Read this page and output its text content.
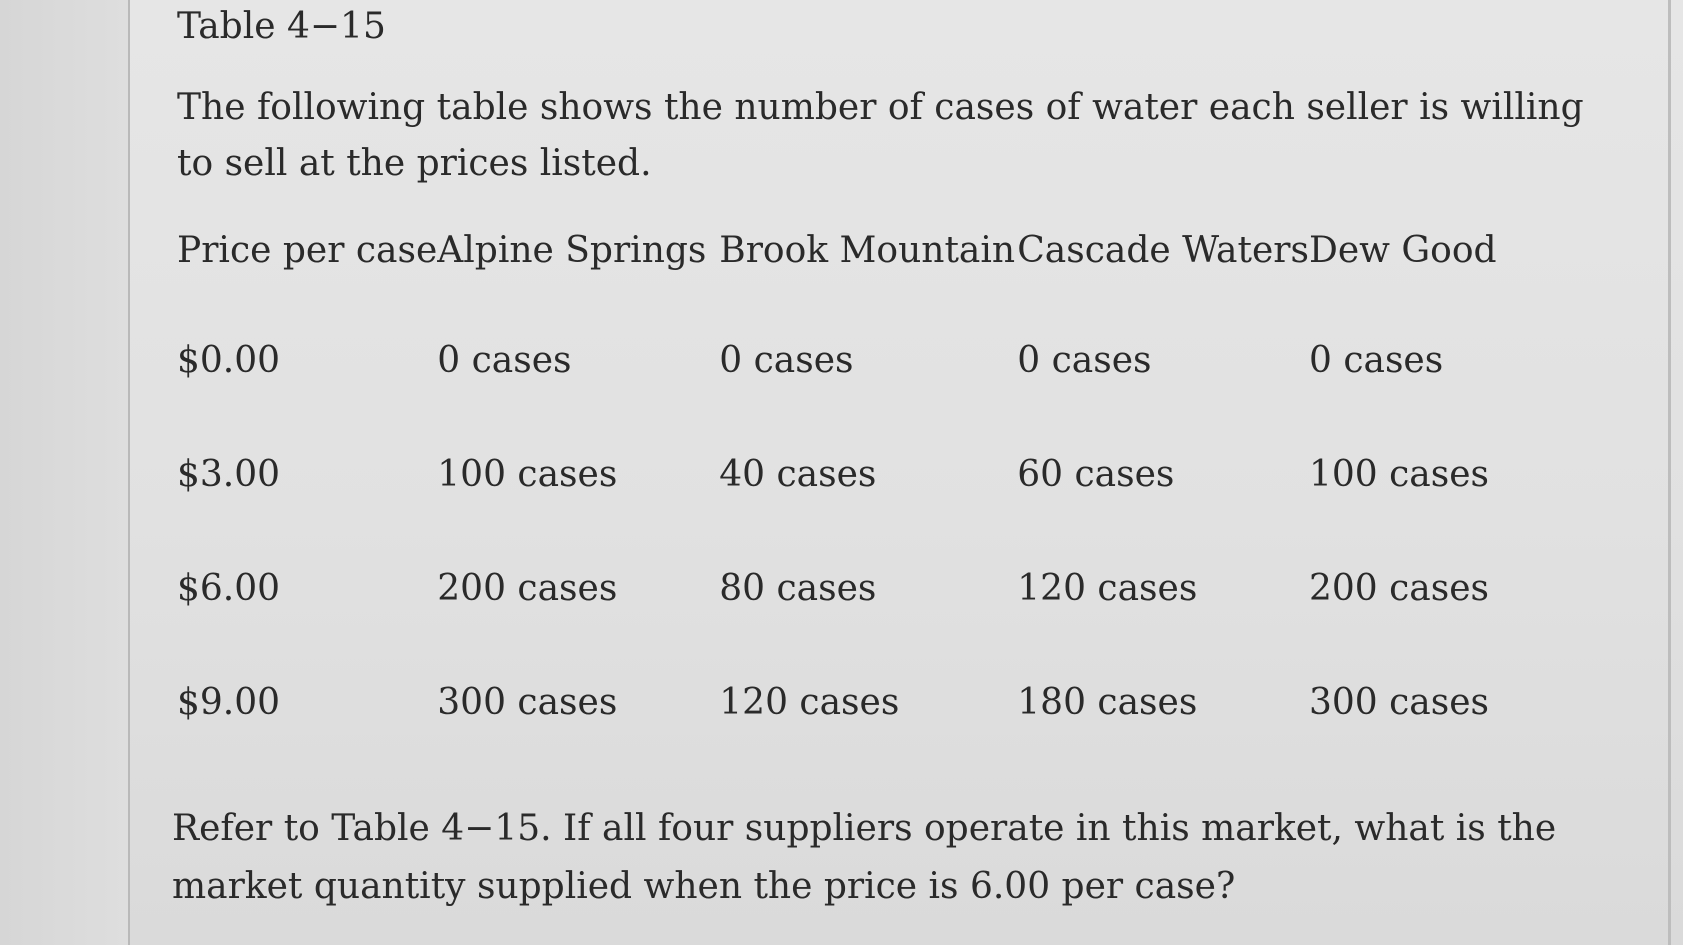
Table 4−15

The following table shows the number of cases of water each seller is willing to sell at the prices listed.

Price per case	Alpine Springs	Brook Mountain	Cascade Waters	Dew Good
$0.00	0 cases	0 cases	0 cases	0 cases
$3.00	100 cases	40 cases	60 cases	100 cases
$6.00	200 cases	80 cases	120 cases	200 cases
$9.00	300 cases	120 cases	180 cases	300 cases

Refer to Table 4−15. If all four suppliers operate in this market, what is the market quantity supplied when the price is 6.00 per case?
